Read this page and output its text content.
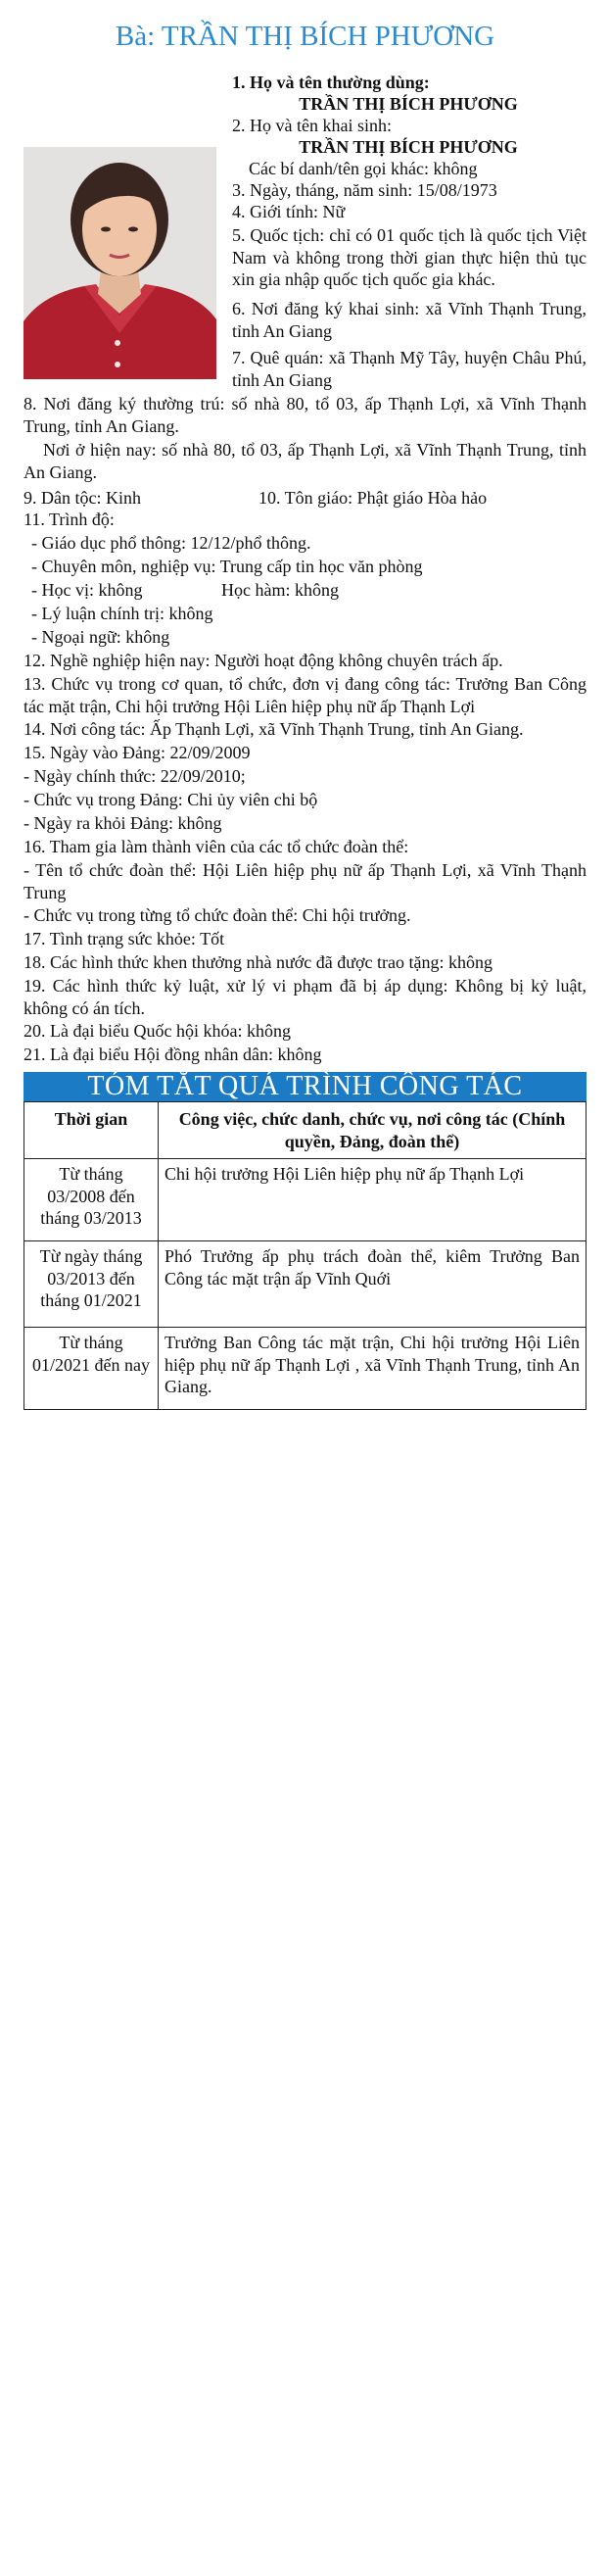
Bà: TRẦN THỊ BÍCH PHƯƠNG
1. Họ và tên thường dùng:
TRẦN THỊ BÍCH PHƯƠNG
2. Họ và tên khai sinh:
TRẦN THỊ BÍCH PHƯƠNG
Các bí danh/tên gọi khác: không
3. Ngày, tháng, năm sinh: 15/08/1973
4. Giới tính: Nữ
5. Quốc tịch: chỉ có 01 quốc tịch là quốc tịch Việt Nam và không trong thời gian thực hiện thủ tục xin gia nhập quốc tịch quốc gia khác.
6. Nơi đăng ký khai sinh: xã Vĩnh Thạnh Trung, tỉnh An Giang
7. Quê quán: xã Thạnh Mỹ Tây, huyện Châu Phú, tỉnh An Giang
8. Nơi đăng ký thường trú: số nhà 80, tổ 03, ấp Thạnh Lợi, xã Vĩnh Thạnh Trung, tỉnh An Giang.
Nơi ở hiện nay: số nhà 80, tổ 03, ấp Thạnh Lợi, xã Vĩnh Thạnh Trung, tỉnh An Giang.
9. Dân tộc: Kinh	10. Tôn giáo: Phật giáo Hòa hảo
11. Trình độ:
- Giáo dục phổ thông: 12/12/phổ thông.
- Chuyên môn, nghiệp vụ: Trung cấp tin học văn phòng
- Học vị: không	Học hàm: không
- Lý luận chính trị: không
- Ngoại ngữ: không
12. Nghề nghiệp hiện nay: Người hoạt động không chuyên trách ấp.
13. Chức vụ trong cơ quan, tổ chức, đơn vị đang công tác: Trưởng Ban Công tác mặt trận, Chi hội trưởng Hội Liên hiệp phụ nữ ấp Thạnh Lợi
14. Nơi công tác: Ấp Thạnh Lợi, xã Vĩnh Thạnh Trung, tỉnh An Giang.
15. Ngày vào Đảng: 22/09/2009
- Ngày chính thức: 22/09/2010;
- Chức vụ trong Đảng: Chi ủy viên chi bộ
- Ngày ra khỏi Đảng: không
16. Tham gia làm thành viên của các tổ chức đoàn thể:
- Tên tổ chức đoàn thể: Hội Liên hiệp phụ nữ ấp Thạnh Lợi, xã Vĩnh Thạnh Trung
- Chức vụ trong từng tổ chức đoàn thể: Chi hội trưởng.
17. Tình trạng sức khỏe: Tốt
18. Các hình thức khen thưởng nhà nước đã được trao tặng: không
19. Các hình thức kỷ luật, xử lý vi phạm đã bị áp dụng: Không bị kỷ luật, không có án tích.
20. Là đại biểu Quốc hội khóa: không
21. Là đại biểu Hội đồng nhân dân: không
TÓM TẮT QUÁ TRÌNH CÔNG TÁC
Thời gian	Công việc, chức danh, chức vụ, nơi công tác (Chính quyền, Đảng, đoàn thể)
Từ tháng 03/2008 đến tháng 03/2013	Chi hội trưởng Hội Liên hiệp phụ nữ ấp Thạnh Lợi
Từ ngày tháng 03/2013 đến tháng 01/2021	Phó Trưởng ấp phụ trách đoàn thể, kiêm Trưởng Ban Công tác mặt trận ấp Vĩnh Quới
Từ tháng 01/2021 đến nay	Trưởng Ban Công tác mặt trận, Chi hội trưởng Hội Liên hiệp phụ nữ ấp Thạnh Lợi , xã Vĩnh Thạnh Trung, tỉnh An Giang.
